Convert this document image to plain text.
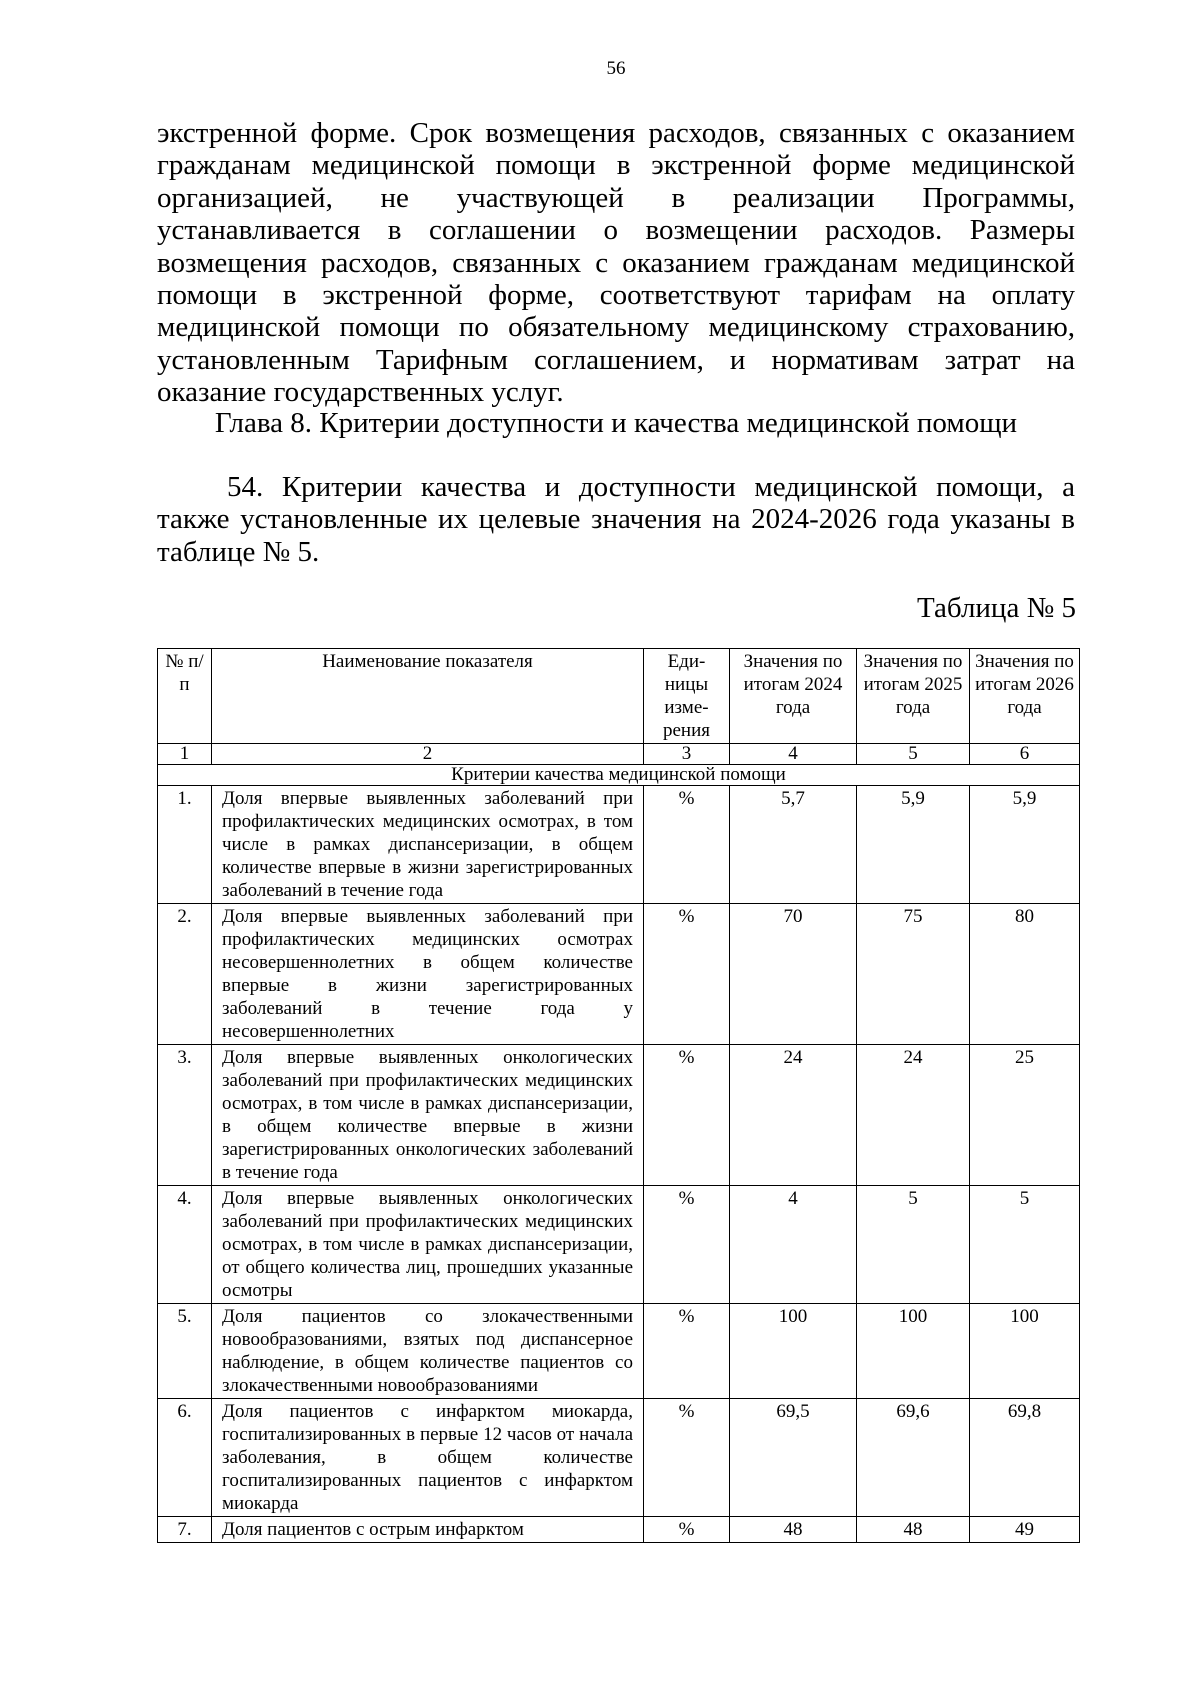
56

экстренной форме. Срок возмещения расходов, связанных с оказанием гражданам медицинской помощи в экстренной форме медицинской организацией, не участвующей в реализации Программы, устанавливается в соглашении о возмещении расходов. Размеры возмещения расходов, связанных с оказанием гражданам медицинской помощи в экстренной форме, соответствуют тарифам на оплату медицинской помощи по обязательному медицинскому страхованию, установленным Тарифным соглашением, и нормативам затрат на оказание государственных услуг.

Глава 8. Критерии доступности и качества медицинской помощи

54. Критерии качества и доступности медицинской помощи, а также установленные их целевые значения на 2024-2026 года указаны в таблице № 5.

Таблица № 5
№ п/п	Наименование показателя	Еди-ницы изме-рения	Значения по итогам 2024 года	Значения по итогам 2025 года	Значения по итогам 2026 года
1	2	3	4	5	6
Критерии качества медицинской помощи					
1.	Доля впервые выявленных заболеваний при профилактических медицинских осмотрах, в том числе в рамках диспансеризации, в общем количестве впервые в жизни зарегистрированных заболеваний в течение года	%	5,7	5,9	5,9
2.	Доля впервые выявленных заболеваний при профилактических медицинских осмотрах несовершеннолетних в общем количестве впервые в жизни зарегистрированных заболеваний в течение года у несовершеннолетних	%	70	75	80
3.	Доля впервые выявленных онкологических заболеваний при профилактических медицинских осмотрах, в том числе в рамках диспансеризации, в общем количестве впервые в жизни зарегистрированных онкологических заболеваний в течение года	%	24	24	25
4.	Доля впервые выявленных онкологических заболеваний при профилактических медицинских осмотрах, в том числе в рамках диспансеризации, от общего количества лиц, прошедших указанные осмотры	%	4	5	5
5.	Доля пациентов со злокачественными новообразованиями, взятых под диспансерное наблюдение, в общем количестве пациентов со злокачественными новообразованиями	%	100	100	100
6.	Доля пациентов с инфарктом миокарда, госпитализированных в первые 12 часов от начала заболевания, в общем количестве госпитализированных пациентов с инфарктом миокарда	%	69,5	69,6	69,8
7.	Доля пациентов с острым инфарктом	%	48	48	49
